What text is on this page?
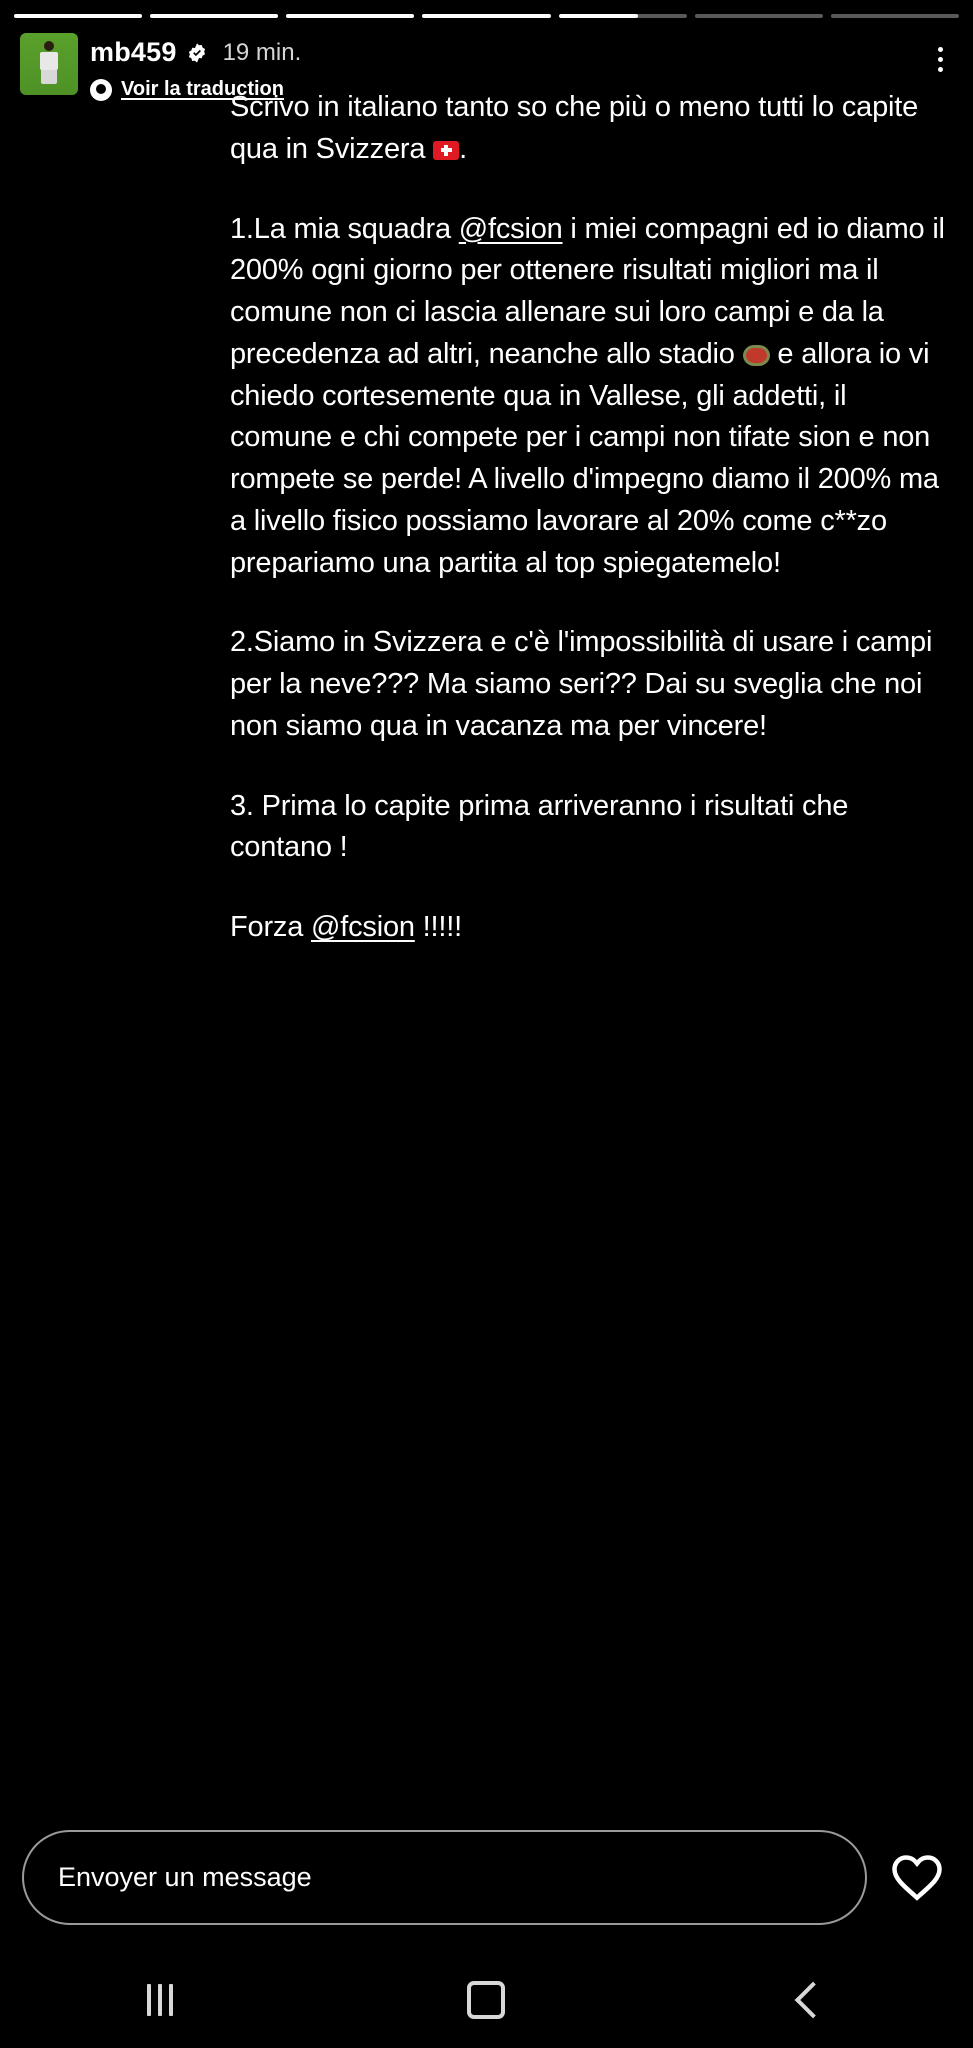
mb459 19 min.
Voir la traduction

Scrivo in italiano tanto so che più o meno tutti lo capite qua in Svizzera .

1.La mia squadra @fcsion i miei compagni ed io diamo il 200% ogni giorno per ottenere risultati migliori ma il comune non ci lascia allenare sui loro campi e da la precedenza ad altri, neanche allo stadio  e allora io vi chiedo cortesemente qua in Vallese, gli addetti, il comune e chi compete per i campi non tifate sion e non rompete se perde! A livello d'impegno diamo il 200% ma a livello fisico possiamo lavorare al 20% come c**zo prepariamo una partita al top spiegatemelo!

2.Siamo in Svizzera e c'è l'impossibilità di usare i campi per la neve??? Ma siamo seri?? Dai su sveglia che noi non siamo qua in vacanza ma per vincere!

3. Prima lo capite prima arriveranno i risultati che contano !

Forza @fcsion !!!!!

Envoyer un message
